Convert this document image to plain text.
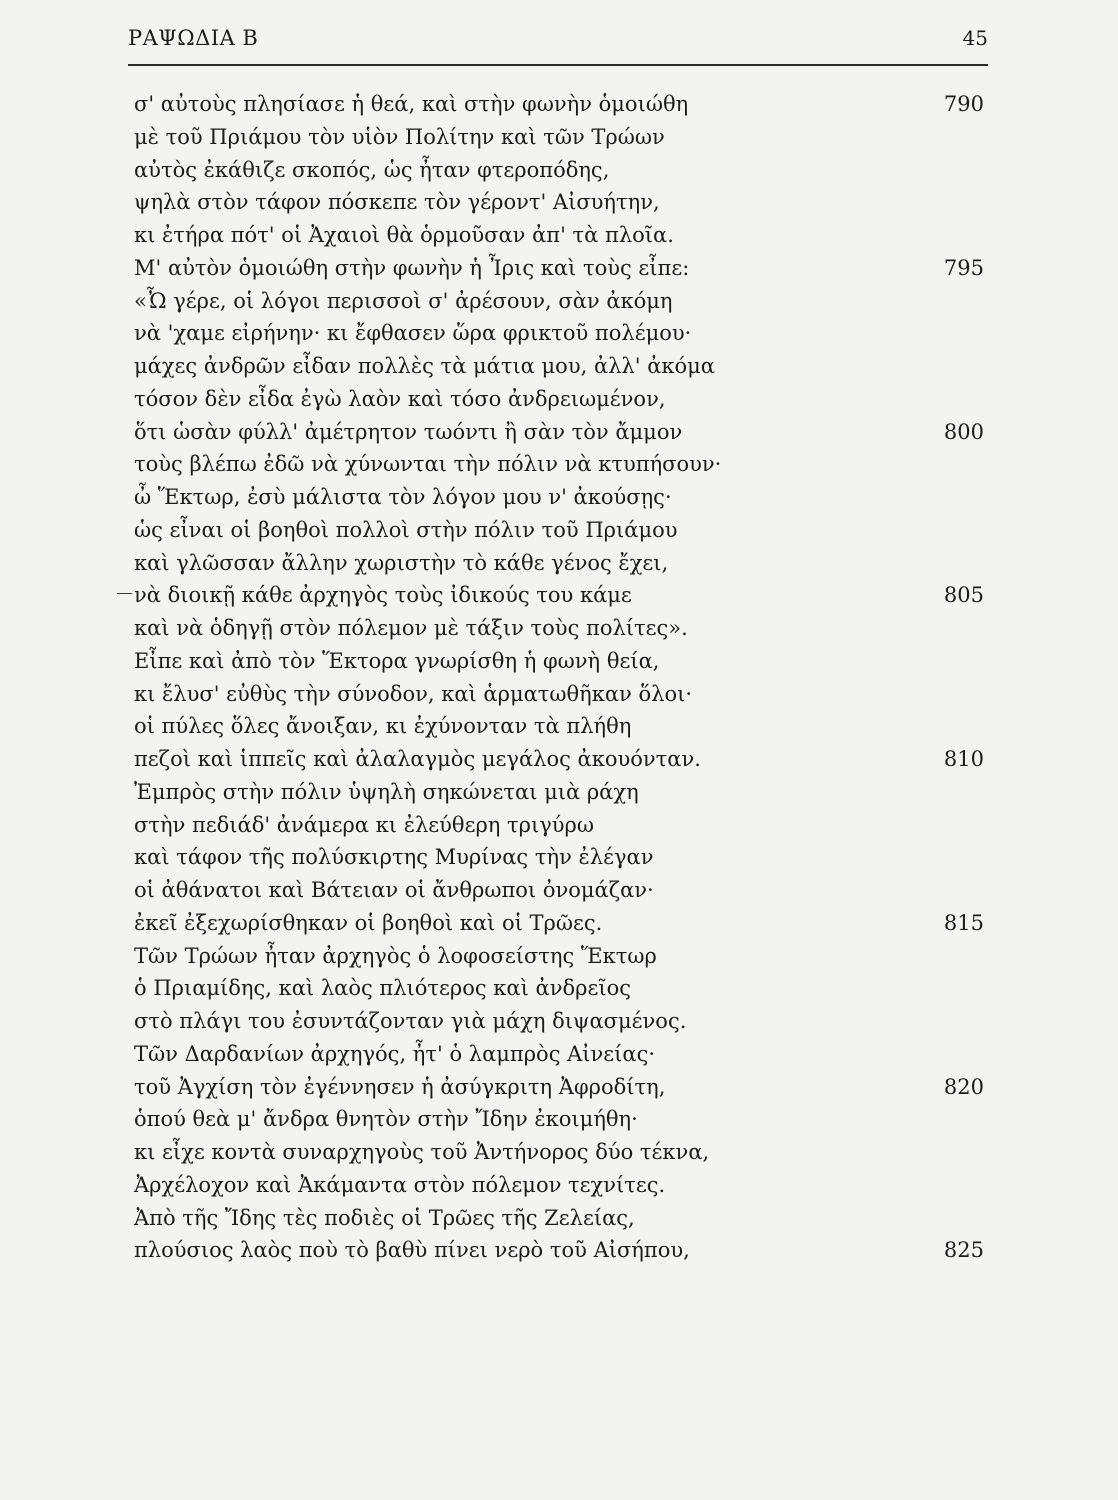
ΡΑΨΩΔΙΑ Β	45
σ' αὐτοὺς πλησίασε ἡ θεά, καὶ στὴν φωνὴν ὁμοιώθη	790
μὲ τοῦ Πριάμου τὸν υἱὸν Πολίτην καὶ τῶν Τρώων
αὐτὸς ἐκάθιζε σκοπός, ὡς ἦταν φτεροπόδης,
ψηλὰ στὸν τάφον πόσκεπε τὸν γέροντ' Αἰσυήτην,
κι ἐτήρα πότ' οἱ Ἀχαιοὶ θὰ ὁρμοῦσαν ἀπ' τὰ πλοῖα.
Μ' αὐτὸν ὁμοιώθη στὴν φωνὴν ἡ Ἶρις καὶ τοὺς εἶπε:	795
«Ὦ γέρε, οἱ λόγοι περισσοὶ σ' ἀρέσουν, σὰν ἀκόμη
νὰ 'χαμε εἰρήνην· κι ἔφθασεν ὥρα φρικτοῦ πολέμου·
μάχες ἀνδρῶν εἶδαν πολλὲς τὰ μάτια μου, ἀλλ' ἀκόμα
τόσον δὲν εἶδα ἐγὼ λαὸν καὶ τόσο ἀνδρειωμένον,
ὅτι ὡσὰν φύλλ' ἀμέτρητον τωόντι ἢ σὰν τὸν ἄμμον	800
τοὺς βλέπω ἐδῶ νὰ χύνωνται τὴν πόλιν νὰ κτυπήσουν·
ὦ Ἕκτωρ, ἐσὺ μάλιστα τὸν λόγον μου ν' ἀκούσῃς·
ὡς εἶναι οἱ βοηθοὶ πολλοὶ στὴν πόλιν τοῦ Πριάμου
καὶ γλῶσσαν ἄλλην χωριστὴν τὸ κάθε γένος ἔχει,
νὰ διοικῇ κάθε ἀρχηγὸς τοὺς ἰδικούς του κάμε	805
καὶ νὰ ὁδηγῇ στὸν πόλεμον μὲ τάξιν τοὺς πολίτες».
Εἶπε καὶ ἀπὸ τὸν Ἕκτορα γνωρίσθη ἡ φωνὴ θεία,
κι ἔλυσ' εὐθὺς τὴν σύνοδον, καὶ ἁρματωθῆκαν ὅλοι·
οἱ πύλες ὅλες ἄνοιξαν, κι ἐχύνονταν τὰ πλήθη
πεζοὶ καὶ ἱππεῖς καὶ ἀλαλαγμὸς μεγάλος ἀκουόνταν.	810
Ἐμπρὸς στὴν πόλιν ὑψηλὴ σηκώνεται μιὰ ράχη
στὴν πεδιάδ' ἀνάμερα κι ἐλεύθερη τριγύρω
καὶ τάφον τῆς πολύσκιρτης Μυρίνας τὴν ἐλέγαν
οἱ ἀθάνατοι καὶ Βάτειαν οἱ ἄνθρωποι ὀνομάζαν·
ἐκεῖ ἐξεχωρίσθηκαν οἱ βοηθοὶ καὶ οἱ Τρῶες.	815
Τῶν Τρώων ἦταν ἀρχηγὸς ὁ λοφοσείστης Ἕκτωρ
ὁ Πριαμίδης, καὶ λαὸς πλιότερος καὶ ἀνδρεῖος
στὸ πλάγι του ἐσυντάζονταν γιὰ μάχη διψασμένος.
Τῶν Δαρδανίων ἀρχηγός, ἦτ' ὁ λαμπρὸς Αἰνείας·
τοῦ Ἀγχίση τὸν ἐγέννησεν ἡ ἀσύγκριτη Ἀφροδίτη,	820
ὁπού θεὰ μ' ἄνδρα θνητὸν στὴν Ἴδην ἐκοιμήθη·
κι εἶχε κοντὰ συναρχηγοὺς τοῦ Ἀντήνορος δύο τέκνα,
Ἀρχέλοχον καὶ Ἀκάμαντα στὸν πόλεμον τεχνίτες.
Ἀπὸ τῆς Ἴδης τὲς ποδιὲς οἱ Τρῶες τῆς Ζελείας,
πλούσιος λαὸς ποὺ τὸ βαθὺ πίνει νερὸ τοῦ Αἰσήπου,	825
